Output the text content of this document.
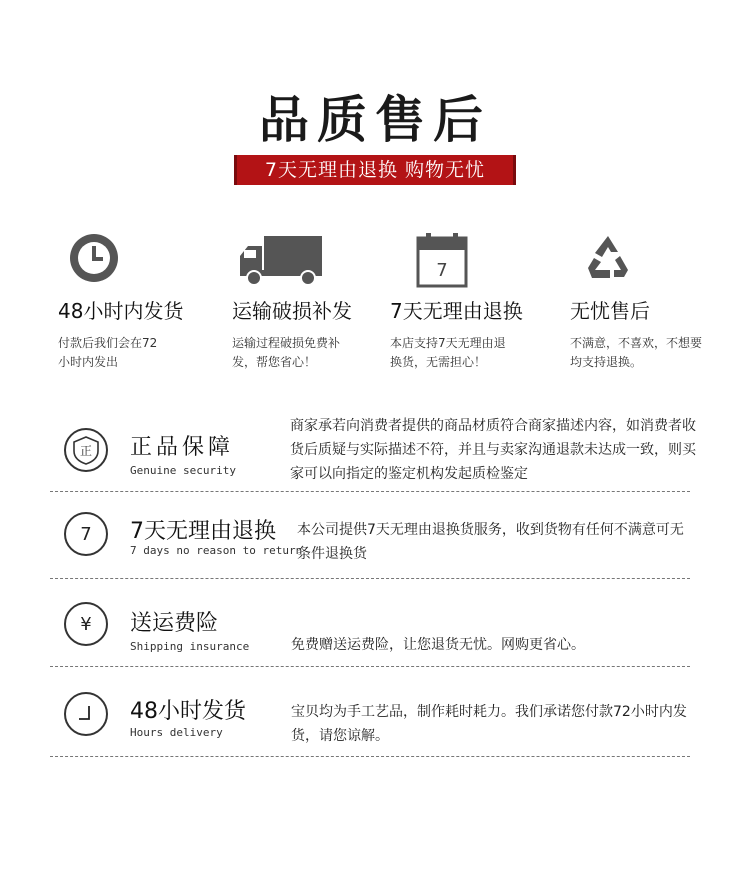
品质售后
7天无理由退换 购物无忧
48小时内发货
付款后我们会在72小时内发出
运输破损补发
运输过程破损免费补发，帮您省心！
7
7天无理由退换
本店支持7天无理由退换货，无需担心！
无忧售后
不满意，不喜欢，不想要均支持退换。
正 正品保障
Genuine security
商家承若向消费者提供的商品材质符合商家描述内容，如消费者收货后质疑与实际描述不符，并且与卖家沟通退款未达成一致，则买家可以向指定的鉴定机构发起质检鉴定
7	7天无理由退换
7 days no reason to return
本公司提供7天无理由退换货服务，收到货物有任何不满意可无条件退换货
¥	送运费险
Shipping insurance	免费赠送运费险，让您退货无忧。网购更省心。
48小时发货
Hours delivery
宝贝均为手工艺品，制作耗时耗力。我们承诺您付款72小时内发货，请您谅解。
